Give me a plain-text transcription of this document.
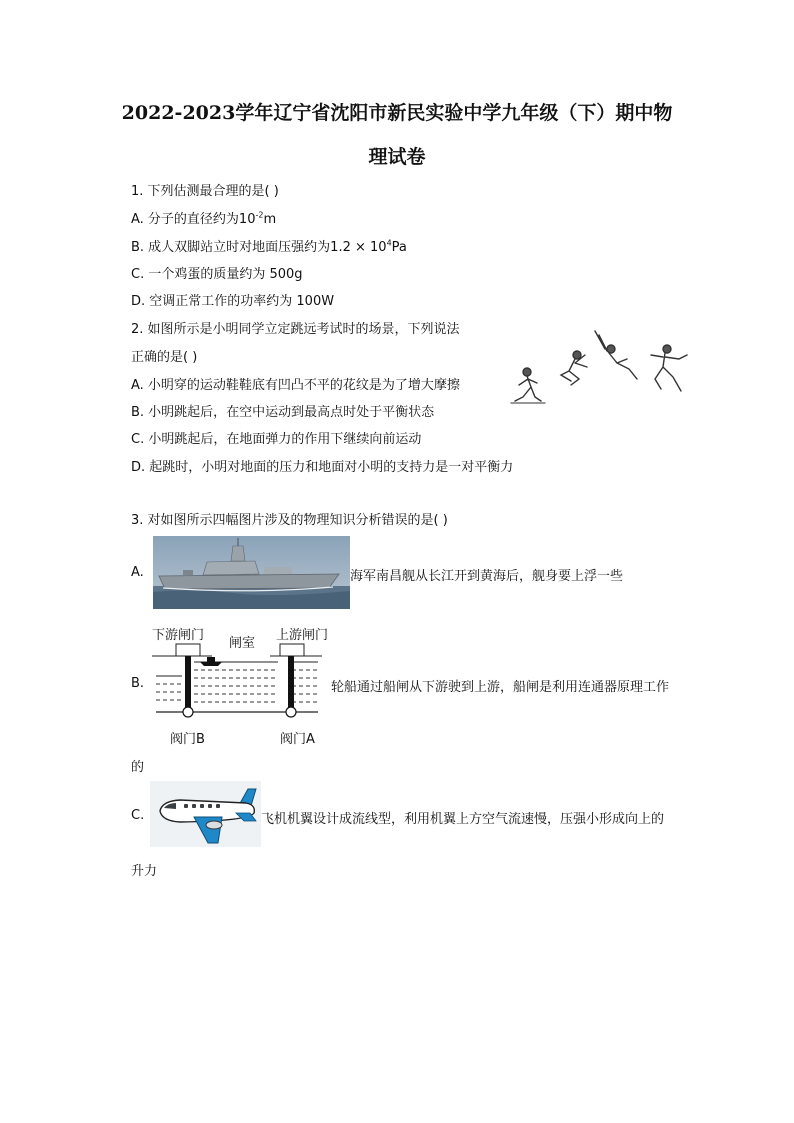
2022-2023学年辽宁省沈阳市新民实验中学九年级（下）期中物
理试卷
1. 下列估测最合理的是( )
A. 分子的直径约为$10^{-2}m$
B. 成人双脚站立时对地面压强约为$1.2 \times 10^4Pa$
C. 一个鸡蛋的质量约为 500g
D. 空调正常工作的功率约为 100W
2. 如图所示是小明同学立定跳远考试时的场景，下列说法
正确的是( )
A. 小明穿的运动鞋鞋底有凹凸不平的花纹是为了增大摩擦
B. 小明跳起后，在空中运动到最高点时处于平衡状态
C. 小明跳起后，在地面弹力的作用下继续向前运动
D. 起跳时，小明对地面的压力和地面对小明的支持力是一对平衡力
3. 对如图所示四幅图片涉及的物理知识分析错误的是( )
A.	海军南昌舰从长江开到黄海后，舰身要上浮一些
下游闸门
闸室
上游闸门
B.	轮船通过船闸从下游驶到上游，船闸是利用连通器原理工作
阀门B	阀门A
的
C.	飞机机翼设计成流线型，利用机翼上方空气流速慢，压强小形成向上的
升力
